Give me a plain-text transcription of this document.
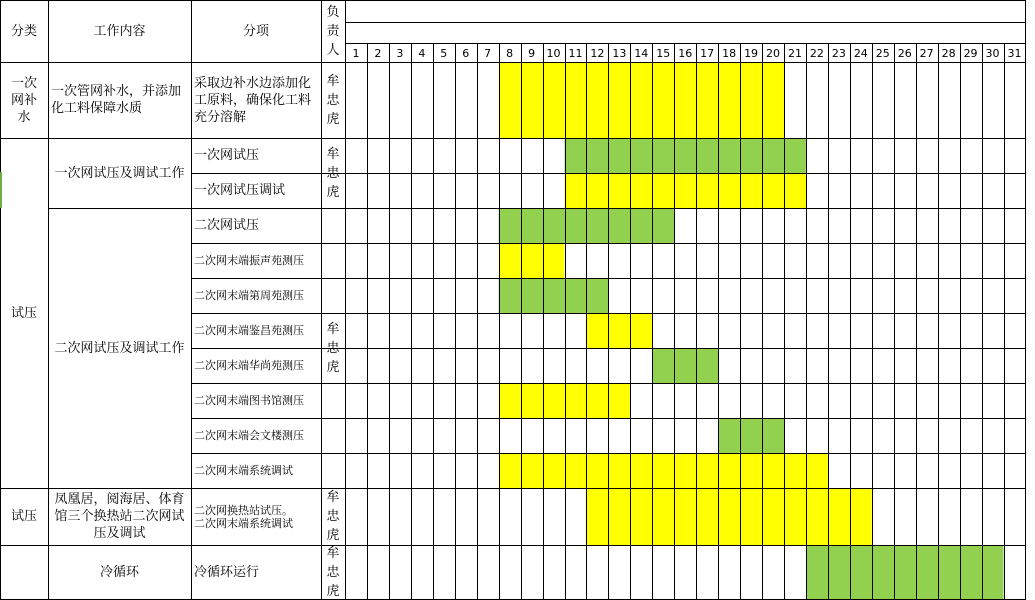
1 2 3 4 5 6 7 8 9 10 11 12 13 14 15 16 17 18 19 20 21 22 23 24 25 26 27 28 29 30 31
分类	工作内容	分项
负
责
人
一次
网补
水
试压
试压
一次管网补水，并添加化工料保障水质
一次网试压及调试工作
二次网试压及调试工作
凤凰居，阅海居、体育馆三个换热站二次网试压及调试
冷循环
采取边补水边添加化工原料，确保化工料充分溶解
一次网试压
一次网试压调试
二次网试压
二次网末端振声苑测压
二次网末端第周苑测压
二次网末端鉴昌苑测压
二次网末端华尚苑测压
二次网末端图书馆测压
二次网末端会文楼测压
二次网末端系统调试
二次网换热站试压。
二次网末端系统调试
冷循环运行
牟
忠
虎
牟
忠
虎
牟
忠
虎
牟
忠
虎
牟
忠
虎
